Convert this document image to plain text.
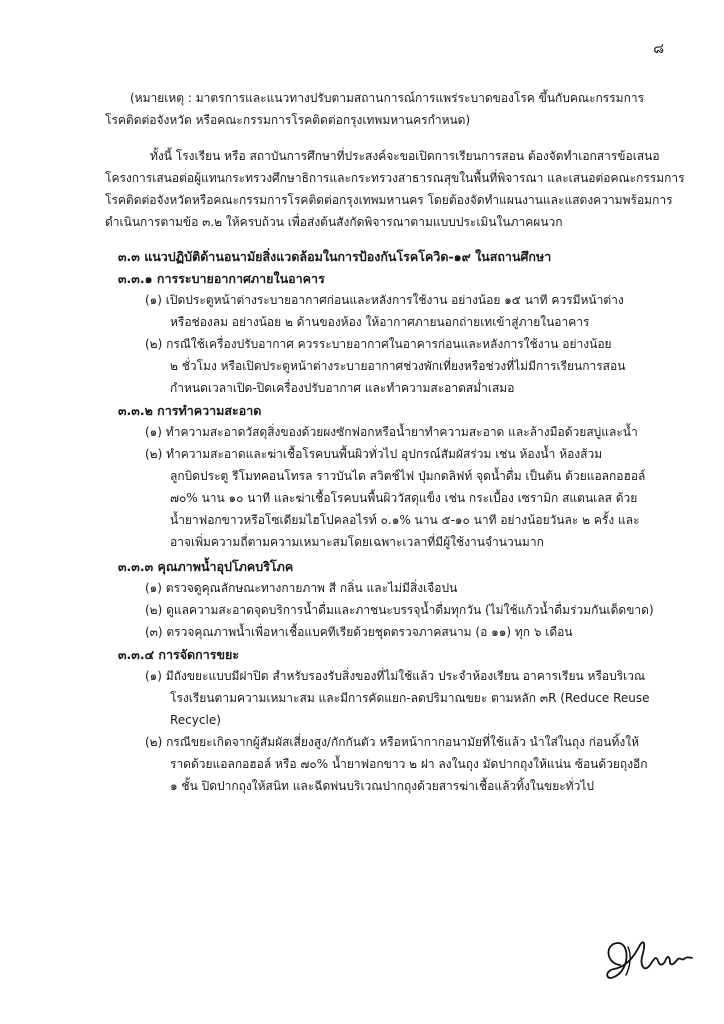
๘
(หมายเหตุ : มาตรการและแนวทางปรับตามสถานการณ์การแพร่ระบาดของโรค ขึ้นกับคณะกรรมการ
โรคติดต่อจังหวัด หรือคณะกรรมการโรคติดต่อกรุงเทพมหานครกำหนด)
ทั้งนี้ โรงเรียน หรือ สถาบันการศึกษาที่ประสงค์จะขอเปิดการเรียนการสอน ต้องจัดทำเอกสารข้อเสนอ
โครงการเสนอต่อผู้แทนกระทรวงศึกษาธิการและกระทรวงสาธารณสุขในพื้นที่พิจารณา และเสนอต่อคณะกรรมการ
โรคติดต่อจังหวัดหรือคณะกรรมการโรคติดต่อกรุงเทพมหานคร โดยต้องจัดทำแผนงานและแสดงความพร้อมการ
ดำเนินการตามข้อ ๓.๒ ให้ครบถ้วน เพื่อส่งต้นสังกัดพิจารณาตามแบบประเมินในภาคผนวก
๓.๓ แนวปฏิบัติด้านอนามัยสิ่งแวดล้อมในการป้องกันโรคโควิด-๑๙ ในสถานศึกษา
๓.๓.๑ การระบายอากาศภายในอาคาร
(๑) เปิดประตูหน้าต่างระบายอากาศก่อนและหลังการใช้งาน อย่างน้อย ๑๕ นาที ควรมีหน้าต่าง
หรือช่องลม อย่างน้อย ๒ ด้านของห้อง ให้อากาศภายนอกถ่ายเทเข้าสู่ภายในอาคาร
(๒) กรณีใช้เครื่องปรับอากาศ ควรระบายอากาศในอาคารก่อนและหลังการใช้งาน อย่างน้อย
๒ ชั่วโมง หรือเปิดประตูหน้าต่างระบายอากาศช่วงพักเที่ยงหรือช่วงที่ไม่มีการเรียนการสอน
กำหนดเวลาเปิด-ปิดเครื่องปรับอากาศ และทำความสะอาดสม่ำเสมอ
๓.๓.๒ การทำความสะอาด
(๑) ทำความสะอาดวัสดุสิ่งของด้วยผงซักฟอกหรือน้ำยาทำความสะอาด และล้างมือด้วยสบู่และน้ำ
(๒) ทำความสะอาดและฆ่าเชื้อโรคบนพื้นผิวทั่วไป อุปกรณ์สัมผัสร่วม เช่น ห้องน้ำ ห้องส้วม
ลูกบิดประตู รีโมทคอนโทรล ราวบันได สวิตช์ไฟ ปุ่มกดลิฟท์ จุดน้ำดื่ม เป็นต้น ด้วยแอลกอฮอล์
๗๐% นาน ๑๐ นาที และฆ่าเชื้อโรคบนพื้นผิววัสดุแข็ง เช่น กระเบื้อง เซรามิก สแตนเลส ด้วย
น้ำยาฟอกขาวหรือโซเดียมไฮโปคลอไรท์ ๐.๑% นาน ๕-๑๐ นาที อย่างน้อยวันละ ๒ ครั้ง และ
อาจเพิ่มความถี่ตามความเหมาะสมโดยเฉพาะเวลาที่มีผู้ใช้งานจำนวนมาก
๓.๓.๓ คุณภาพน้ำอุปโภคบริโภค
(๑) ตรวจดูคุณลักษณะทางกายภาพ สี กลิ่น และไม่มีสิ่งเจือปน
(๒) ดูแลความสะอาดจุดบริการน้ำดื่มและภาชนะบรรจุน้ำดื่มทุกวัน (ไม่ใช้แก้วน้ำดื่มร่วมกันเด็ดขาด)
(๓) ตรวจคุณภาพน้ำเพื่อหาเชื้อแบคทีเรียด้วยชุดตรวจภาคสนาม (อ ๑๑) ทุก ๖ เดือน
๓.๓.๔ การจัดการขยะ
(๑) มีถังขยะแบบมีฝาปิด สำหรับรองรับสิ่งของที่ไม่ใช้แล้ว ประจำห้องเรียน อาคารเรียน หรือบริเวณ
โรงเรียนตามความเหมาะสม และมีการคัดแยก-ลดปริมาณขยะ ตามหลัก ๓R (Reduce Reuse
Recycle)
(๒) กรณีขยะเกิดจากผู้สัมผัสเสี่ยงสูง/กักกันตัว หรือหน้ากากอนามัยที่ใช้แล้ว นำใส่ในถุง ก่อนทิ้งให้
ราดด้วยแอลกอฮอล์ หรือ ๗๐% น้ำยาฟอกขาว ๒ ฝา ลงในถุง มัดปากถุงให้แน่น ซ้อนด้วยถุงอีก
๑ ชั้น ปิดปากถุงให้สนิท และฉีดพ่นบริเวณปากถุงด้วยสารฆ่าเชื้อแล้วทิ้งในขยะทั่วไป
